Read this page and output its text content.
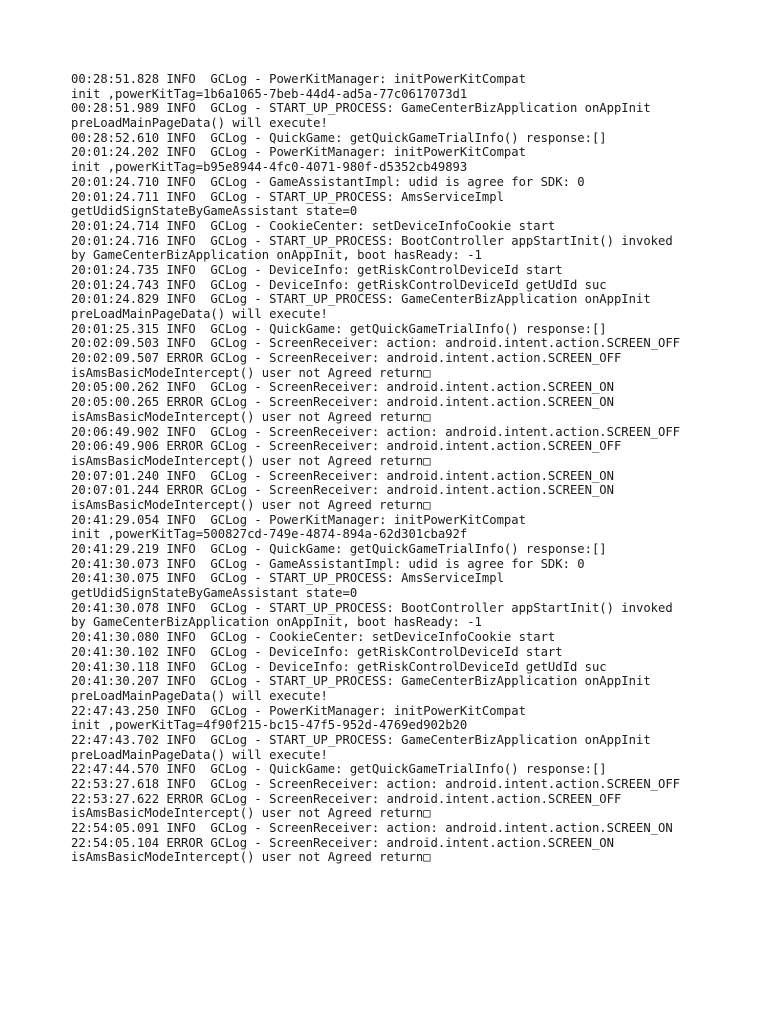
00:28:51.828 INFO  GCLog - PowerKitManager: initPowerKitCompat
init ,powerKitTag=1b6a1065-7beb-44d4-ad5a-77c0617073d1
00:28:51.989 INFO  GCLog - START_UP_PROCESS: GameCenterBizApplication onAppInit
preLoadMainPageData() will execute!
00:28:52.610 INFO  GCLog - QuickGame: getQuickGameTrialInfo() response:[]
20:01:24.202 INFO  GCLog - PowerKitManager: initPowerKitCompat
init ,powerKitTag=b95e8944-4fc0-4071-980f-d5352cb49893
20:01:24.710 INFO  GCLog - GameAssistantImpl: udid is agree for SDK: 0
20:01:24.711 INFO  GCLog - START_UP_PROCESS: AmsServiceImpl
getUdidSignStateByGameAssistant state=0
20:01:24.714 INFO  GCLog - CookieCenter: setDeviceInfoCookie start
20:01:24.716 INFO  GCLog - START_UP_PROCESS: BootController appStartInit() invoked
by GameCenterBizApplication onAppInit, boot hasReady: -1
20:01:24.735 INFO  GCLog - DeviceInfo: getRiskControlDeviceId start
20:01:24.743 INFO  GCLog - DeviceInfo: getRiskControlDeviceId getUdId suc
20:01:24.829 INFO  GCLog - START_UP_PROCESS: GameCenterBizApplication onAppInit
preLoadMainPageData() will execute!
20:01:25.315 INFO  GCLog - QuickGame: getQuickGameTrialInfo() response:[]
20:02:09.503 INFO  GCLog - ScreenReceiver: action: android.intent.action.SCREEN_OFF
20:02:09.507 ERROR GCLog - ScreenReceiver: android.intent.action.SCREEN_OFF
isAmsBasicModeIntercept() user not Agreed return□
20:05:00.262 INFO  GCLog - ScreenReceiver: android.intent.action.SCREEN_ON
20:05:00.265 ERROR GCLog - ScreenReceiver: android.intent.action.SCREEN_ON
isAmsBasicModeIntercept() user not Agreed return□
20:06:49.902 INFO  GCLog - ScreenReceiver: action: android.intent.action.SCREEN_OFF
20:06:49.906 ERROR GCLog - ScreenReceiver: android.intent.action.SCREEN_OFF
isAmsBasicModeIntercept() user not Agreed return□
20:07:01.240 INFO  GCLog - ScreenReceiver: android.intent.action.SCREEN_ON
20:07:01.244 ERROR GCLog - ScreenReceiver: android.intent.action.SCREEN_ON
isAmsBasicModeIntercept() user not Agreed return□
20:41:29.054 INFO  GCLog - PowerKitManager: initPowerKitCompat
init ,powerKitTag=500827cd-749e-4874-894a-62d301cba92f
20:41:29.219 INFO  GCLog - QuickGame: getQuickGameTrialInfo() response:[]
20:41:30.073 INFO  GCLog - GameAssistantImpl: udid is agree for SDK: 0
20:41:30.075 INFO  GCLog - START_UP_PROCESS: AmsServiceImpl
getUdidSignStateByGameAssistant state=0
20:41:30.078 INFO  GCLog - START_UP_PROCESS: BootController appStartInit() invoked
by GameCenterBizApplication onAppInit, boot hasReady: -1
20:41:30.080 INFO  GCLog - CookieCenter: setDeviceInfoCookie start
20:41:30.102 INFO  GCLog - DeviceInfo: getRiskControlDeviceId start
20:41:30.118 INFO  GCLog - DeviceInfo: getRiskControlDeviceId getUdId suc
20:41:30.207 INFO  GCLog - START_UP_PROCESS: GameCenterBizApplication onAppInit
preLoadMainPageData() will execute!
22:47:43.250 INFO  GCLog - PowerKitManager: initPowerKitCompat
init ,powerKitTag=4f90f215-bc15-47f5-952d-4769ed902b20
22:47:43.702 INFO  GCLog - START_UP_PROCESS: GameCenterBizApplication onAppInit
preLoadMainPageData() will execute!
22:47:44.570 INFO  GCLog - QuickGame: getQuickGameTrialInfo() response:[]
22:53:27.618 INFO  GCLog - ScreenReceiver: action: android.intent.action.SCREEN_OFF
22:53:27.622 ERROR GCLog - ScreenReceiver: android.intent.action.SCREEN_OFF
isAmsBasicModeIntercept() user not Agreed return□
22:54:05.091 INFO  GCLog - ScreenReceiver: action: android.intent.action.SCREEN_ON
22:54:05.104 ERROR GCLog - ScreenReceiver: android.intent.action.SCREEN_ON
isAmsBasicModeIntercept() user not Agreed return□
